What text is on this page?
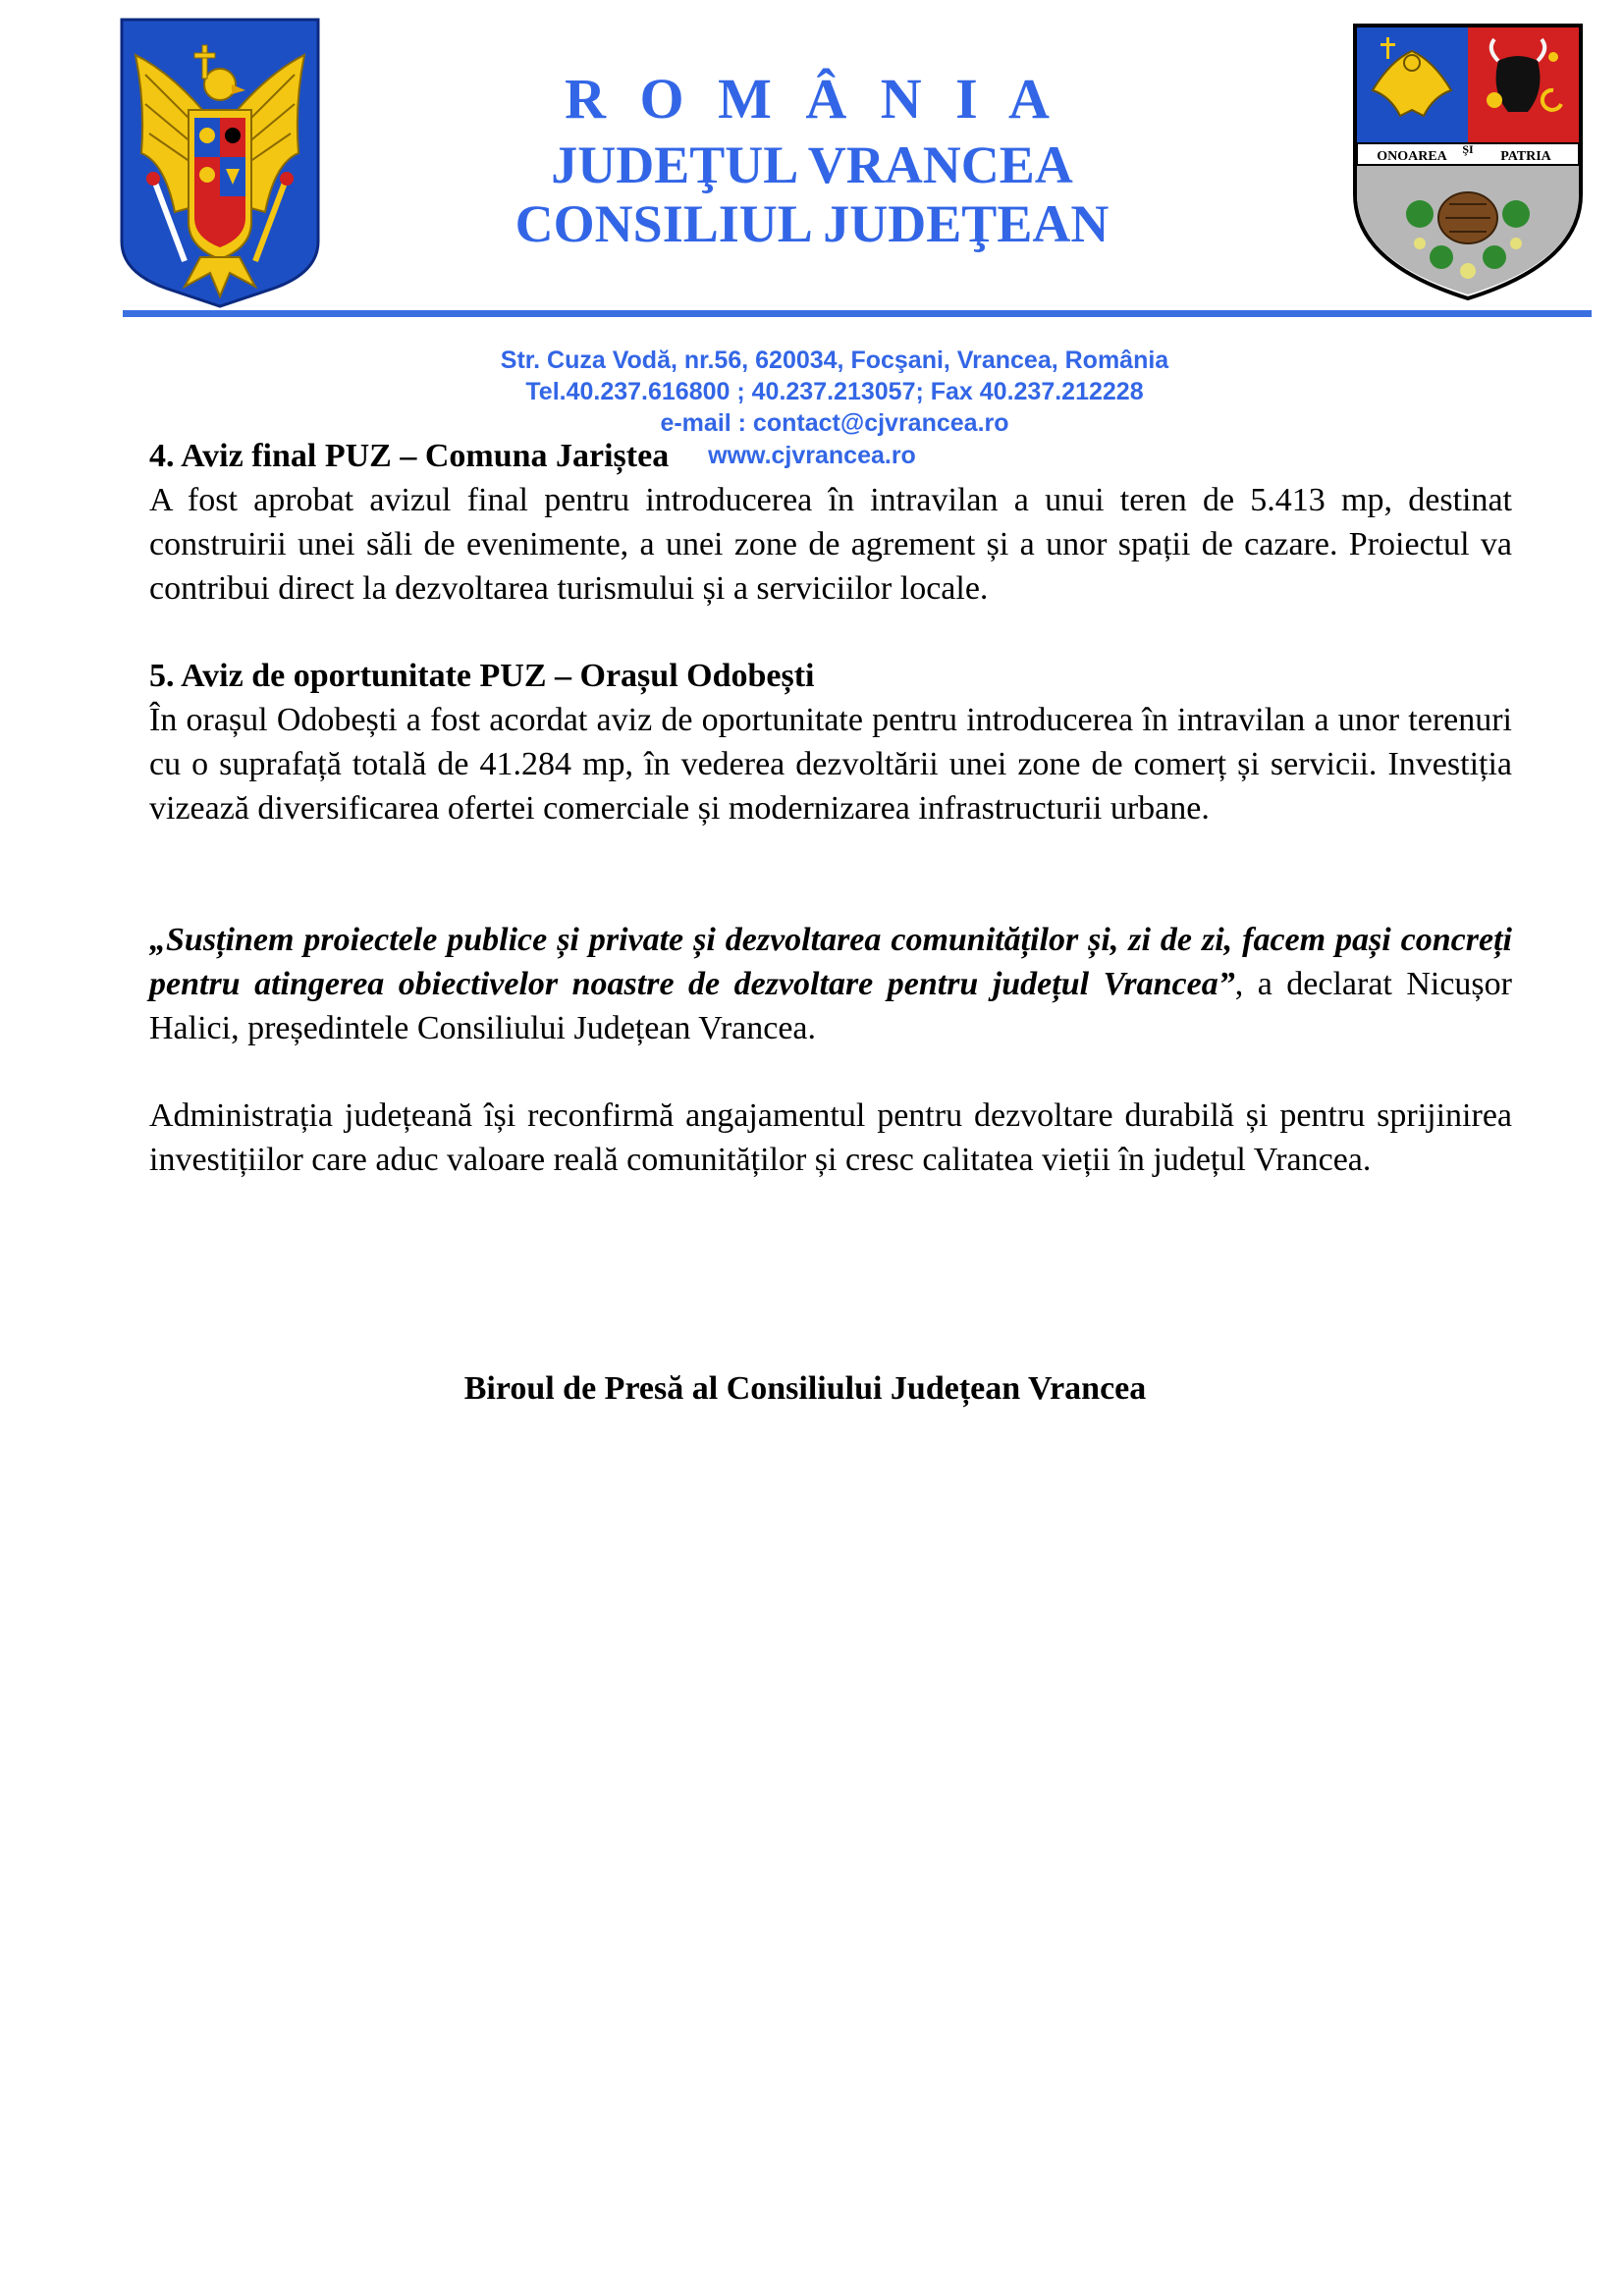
ONOAREA ŞI PATRIA
R O M Â N I A
JUDEŢUL VRANCEA
CONSILIUL JUDEŢEAN
Str. Cuza Vodă, nr.56, 620034, Focşani, Vrancea, România
Tel.40.237.616800 ; 40.237.213057; Fax 40.237.212228
e-mail : contact@cjvrancea.ro
www.cjvrancea.ro
4. Aviz final PUZ – Comuna Jariștea
A fost aprobat avizul final pentru introducerea în intravilan a unui teren de 5.413 mp, destinat construirii unei săli de evenimente, a unei zone de agrement și a unor spații de cazare. Proiectul va contribui direct la dezvoltarea turismului și a serviciilor locale.
5. Aviz de oportunitate PUZ – Orașul Odobești
În orașul Odobești a fost acordat aviz de oportunitate pentru introducerea în intravilan a unor terenuri cu o suprafață totală de 41.284 mp, în vederea dezvoltării unei zone de comerț și servicii. Investiția vizează diversificarea ofertei comerciale și modernizarea infrastructurii urbane.
„Susținem proiectele publice și private și dezvoltarea comunităților și, zi de zi, facem pași concreți pentru atingerea obiectivelor noastre de dezvoltare pentru județul Vrancea”, a declarat Nicușor Halici, președintele Consiliului Județean Vrancea.
Administrația județeană își reconfirmă angajamentul pentru dezvoltare durabilă și pentru sprijinirea investițiilor care aduc valoare reală comunităților și cresc calitatea vieții în județul Vrancea.
Biroul de Presă al Consiliului Județean Vrancea
